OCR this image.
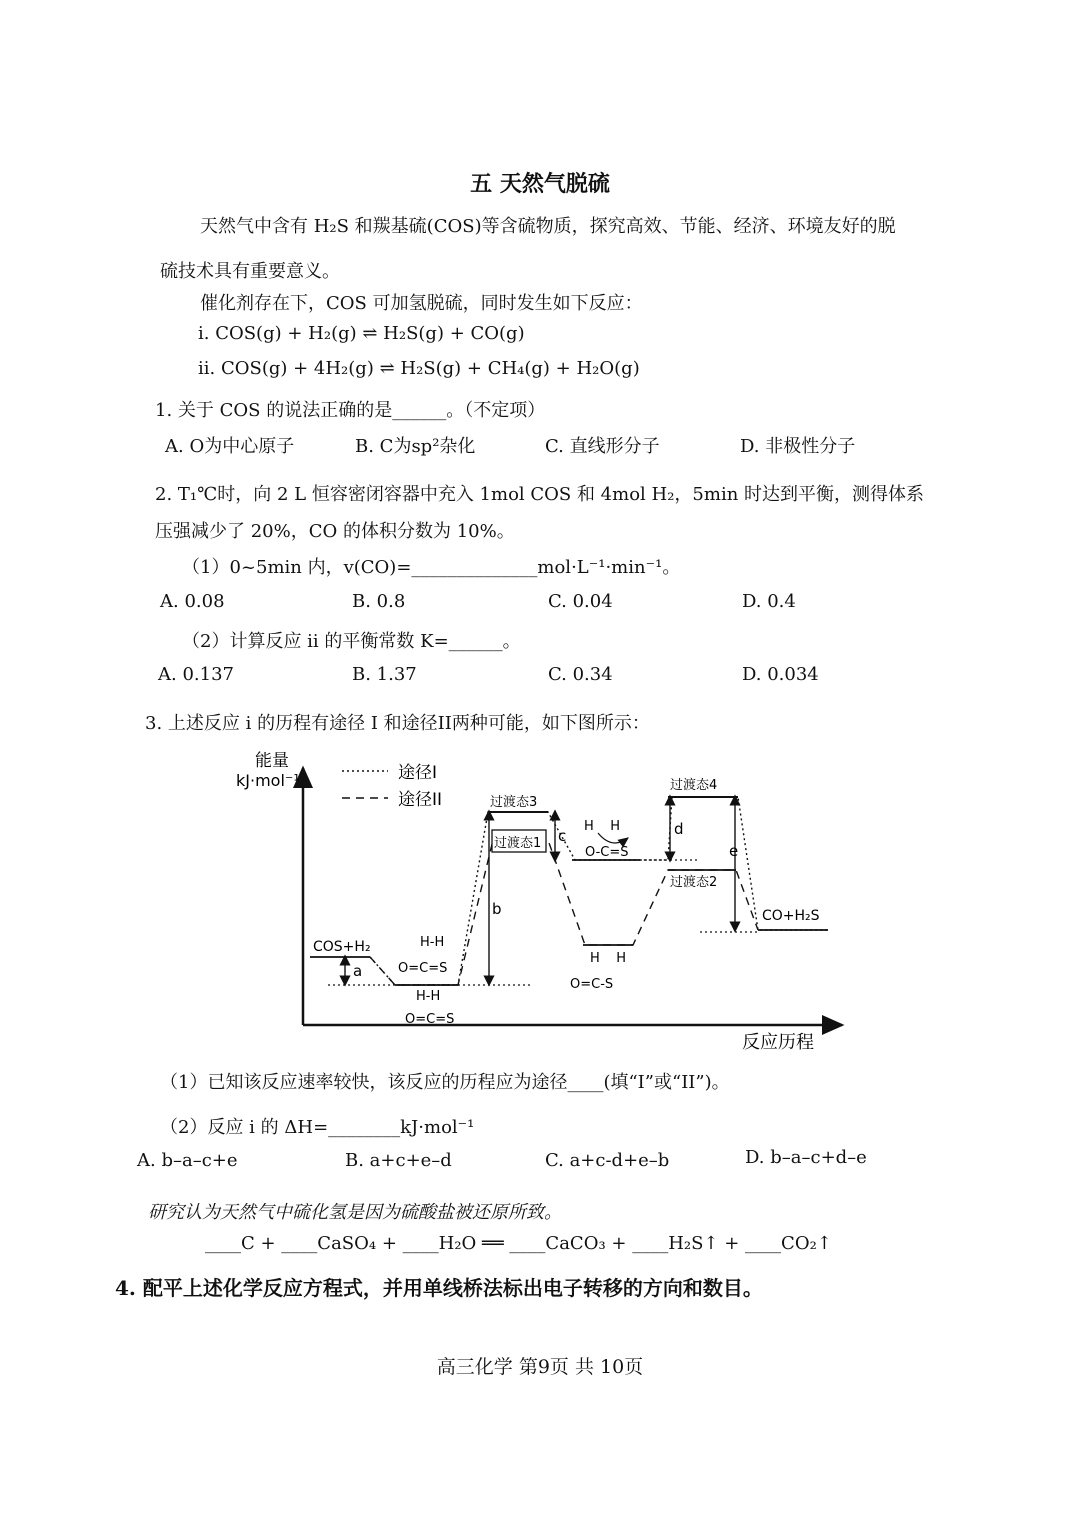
五 天然气脱硫
天然气中含有 H₂S 和羰基硫(COS)等含硫物质，探究高效、节能、经济、环境友好的脱
硫技术具有重要意义。
催化剂存在下，COS 可加氢脱硫，同时发生如下反应：
i. COS(g) + H₂(g) ⇌ H₂S(g) + CO(g)
ii. COS(g) + 4H₂(g) ⇌ H₂S(g) + CH₄(g) + H₂O(g)
1. 关于 COS 的说法正确的是______。（不定项）
A. O为中心原子	B. C为sp²杂化	C. 直线形分子	D. 非极性分子
2. T₁℃时，向 2 L 恒容密闭容器中充入 1mol COS 和 4mol H₂，5min 时达到平衡，测得体系
压强减少了 20%，CO 的体积分数为 10%。
（1）0~5min 内，v(CO)=______________mol·L⁻¹·min⁻¹。
A. 0.08	B. 0.8	C. 0.04	D. 0.4
（2）计算反应 ii 的平衡常数 K=______。
A. 0.137	B. 1.37	C. 0.34	D. 0.034
3. 上述反应 i 的历程有途径 I 和途径II两种可能，如下图所示：
能量
kJ·mol⁻¹
反应历程
途径I
途径II
COS+H₂
a
过渡态3
过渡态1
b
c
H    H
O-C=S
H    H
O=C-S
过渡态4
d
过渡态2
e
CO+H₂S
H-H
O=C=S
H-H
O=C=S
（1）已知该反应速率较快，该反应的历程应为途径____(填“I”或“II”)。
（2）反应 i 的 ΔH=________kJ·mol⁻¹
A. b–a–c+e	B. a+c+e–d	C. a+c-d+e–b	D. b–a–c+d–e
研究认为天然气中硫化氢是因为硫酸盐被还原所致。
____C + ____CaSO₄ + ____H₂O ══ ____CaCO₃ + ____H₂S↑ + ____CO₂↑
4. 配平上述化学反应方程式，并用单线桥法标出电子转移的方向和数目。
高三化学 第9页 共 10页
